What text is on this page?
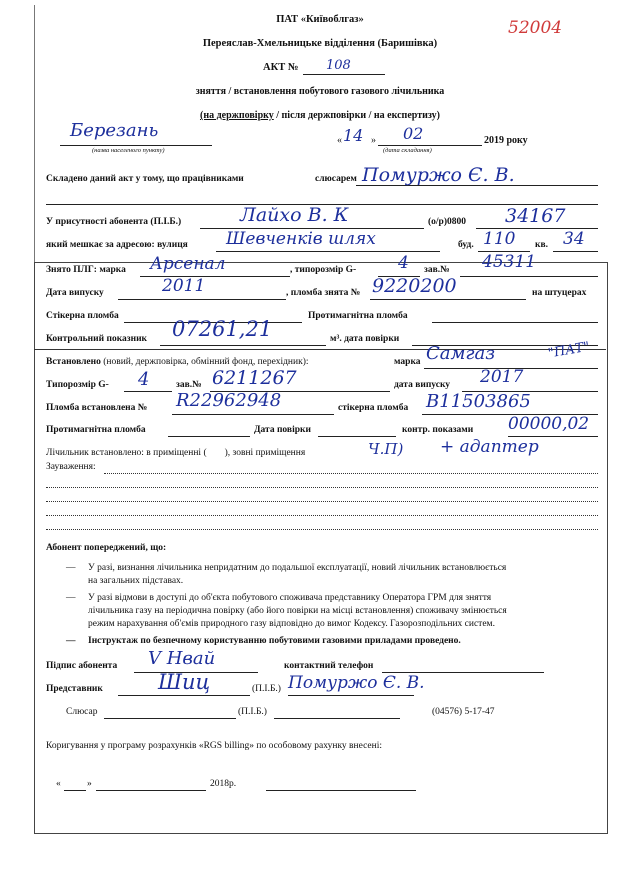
ПАТ «Київоблгаз»
Переяслав-Хмельницьке відділення (Баришівка)
52004
АКТ № 108
зняття / встановлення побутового газового лічильника
(на держповірку / після держповірки / на експертизу)
Березань
(назва населеного пункту)
« 14 » 02	2019 року
(дата складання)
Складено даний акт у тому, що працівниками	слюсарем Помуржо Є. В.
У присутності абонента (П.І.Б.)	Лайхо В. К	(о/р)0800 34167
який мешкає за адресою: вулиця Шевченків шлях	буд. 110 кв. 34
Знято ПЛГ: марка Арсенал	, типорозмір G- 4 зав.№ 45311
Дата випуску	2011	, пломба знята № 9220200	на штуцерах
Стікерна пломба	Протимагнітна пломба
Контрольний показник 07261,21	м³. дата повірки
Встановлено (новий, держповірка, обмінний фонд, перехідник):	марка Самгаз	"ПАТ"
Типорозмір G- 4	зав.№ 6211267	дата випуску 2017
Пломба встановлена № R22962948	стікерна пломба В11503865
Протимагнітна пломба	Дата повірки	контр. показами 00000,02
Лічильник встановлено: в приміщенні ( ), зовні приміщення	Ч.П) + адаптер
Зауваження:
Абонент попереджений, що:
— У разі, визнання лічильника непридатним до подальшої експлуатації, новий лічильник встановлюється
на загальних підставах.
— У разі відмови в доступі до об'єкта побутового споживача представнику Оператора ГРМ для зняття
лічильника газу на періодична повірку (або його повірки на місці встановлення) споживачу змінюється
режим нарахування об'ємів природного газу відповідно до вимог Кодексу. Газорозподільних систем.
— Інструктаж по безпечному користуванню побутовими газовими приладами проведено.
Підпис абонента V Нвай	контактний телефон
Представник	Шиц	(П.І.Б.) Помуржо Є. В.
Слюсар	(П.І.Б.)	(04576) 5-17-47
Коригування у програму розрахунків «RGS billing» по особовому рахунку внесені:
«	»	2018р.
